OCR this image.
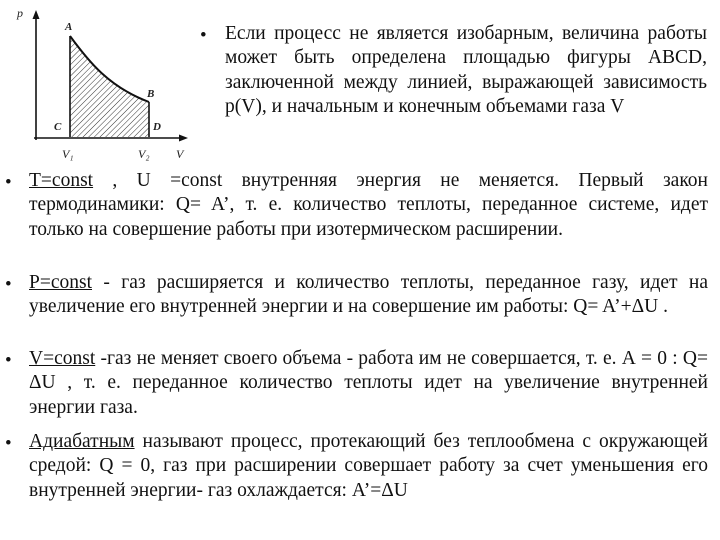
p
V
A
B
C	D
V₁	V₂
• Если процесс не является изобарным, величина работы может быть определена площадью фигуры ABCD, заключенной между линией, выражающей зависимость p(V), и начальным и конечным объемами газа V

• T=const , U =const внутренняя энергия не меняется. Первый закон термодинамики: Q= A’, т. е. количество теплоты, переданное системе, идет только на совершение работы при изотермическом расширении.

• P=const - газ расширяется и количество теплоты, переданное газу, идет на увеличение его внутренней энергии и на совершение им работы: Q= A’+ΔU .

• V=const -газ не меняет своего объема - работа им не совершается, т. е. А = 0 : Q= ΔU , т. е. переданное количество теплоты идет на увеличение внутренней энергии газа.

• Адиабатным называют процесс, протекающий без теплообмена с окружающей средой: Q = 0, газ при расширении совершает работу за счет уменьшения его внутренней энергии- газ охлаждается: A’=ΔU
